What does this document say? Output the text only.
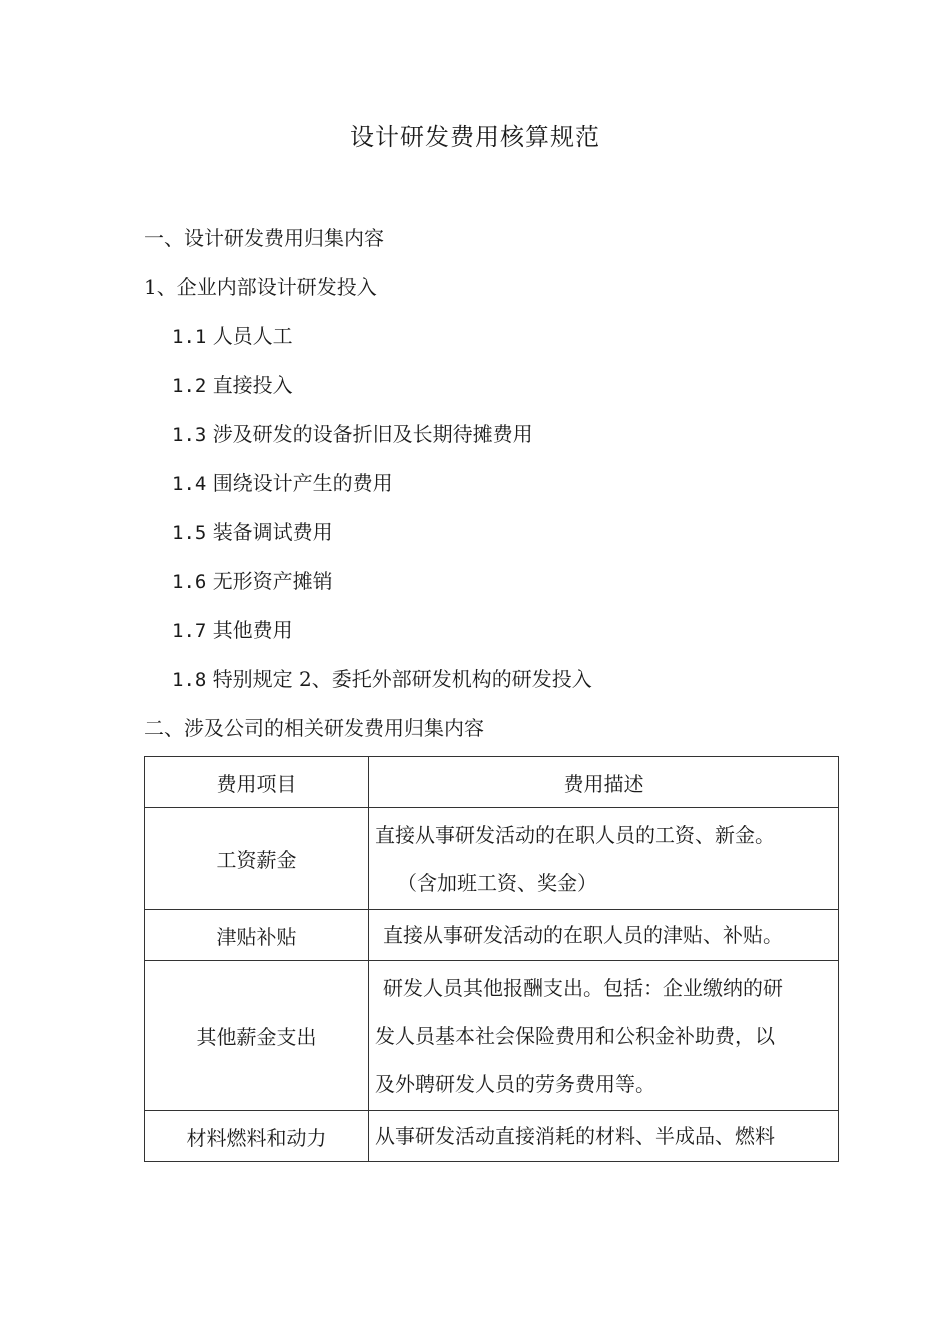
设计研发费用核算规范
一、设计研发费用归集内容
1、企业内部设计研发投入
1.1 人员人工
1.2 直接投入
1.3 涉及研发的设备折旧及长期待摊费用
1.4 围绕设计产生的费用
1.5 装备调试费用
1.6 无形资产摊销
1.7 其他费用
1.8 特别规定 2、委托外部研发机构的研发投入
二、涉及公司的相关研发费用归集内容
费用项目	费用描述
工资薪金	直接从事研发活动的在职人员的工资、新金。
（含加班工资、奖金）

津贴补贴	直接从事研发活动的在职人员的津贴、补贴。

其他薪金支出	研发人员其他报酬支出。包括：企业缴纳的研
发人员基本社会保险费用和公积金补助费，以
及外聘研发人员的劳务费用等。

材料燃料和动力	从事研发活动直接消耗的材料、半成品、燃料
